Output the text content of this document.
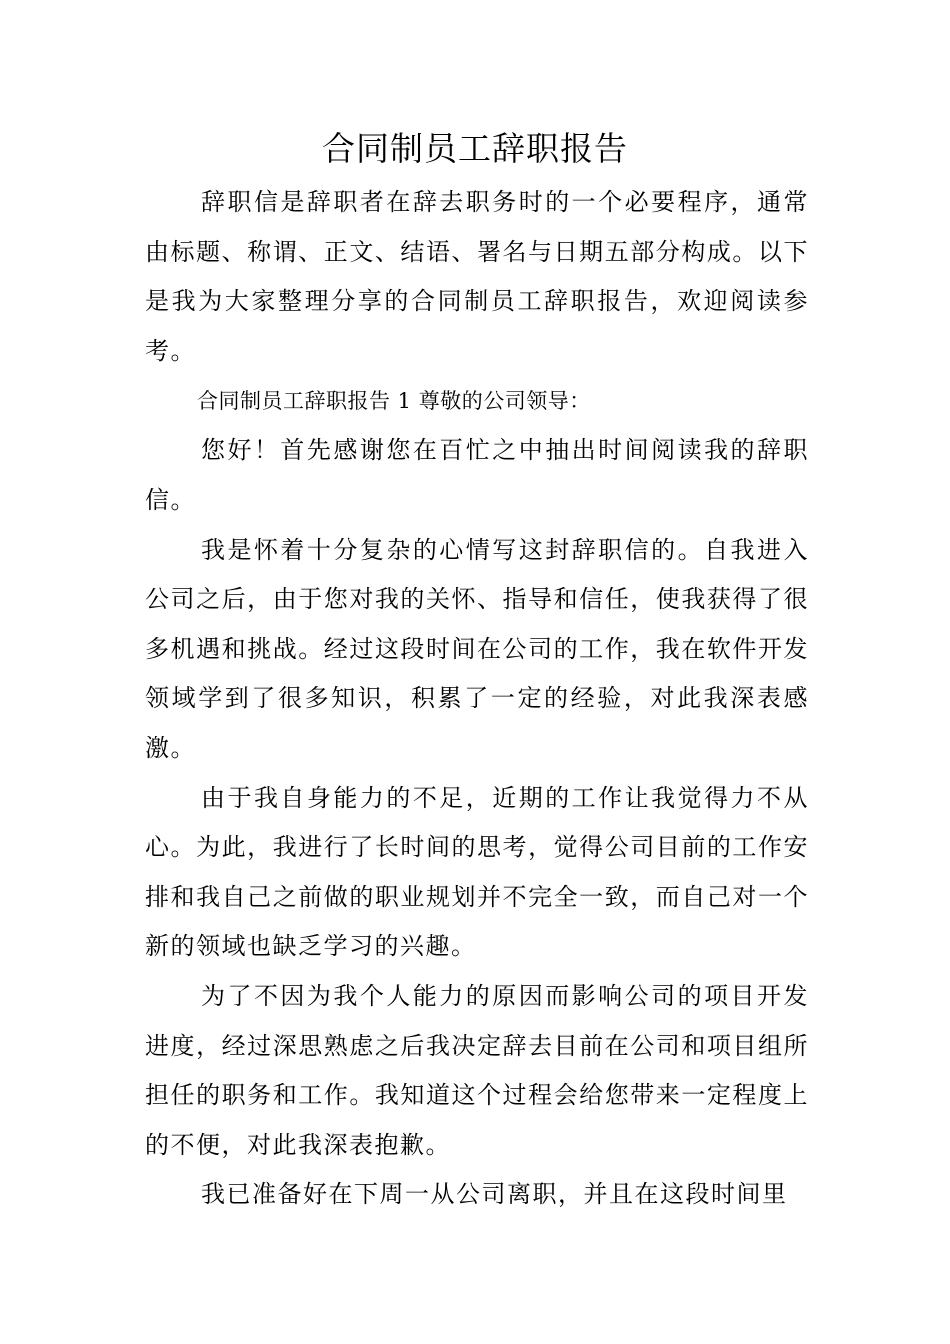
合同制员工辞职报告

辞职信是辞职者在辞去职务时的一个必要程序，通常由标题、称谓、正文、结语、署名与日期五部分构成。以下是我为大家整理分享的合同制员工辞职报告，欢迎阅读参考。

合同制员工辞职报告 1 尊敬的公司领导：

您好！首先感谢您在百忙之中抽出时间阅读我的辞职信。

我是怀着十分复杂的心情写这封辞职信的。自我进入公司之后，由于您对我的关怀、指导和信任，使我获得了很多机遇和挑战。经过这段时间在公司的工作，我在软件开发领域学到了很多知识，积累了一定的经验，对此我深表感激。

由于我自身能力的不足，近期的工作让我觉得力不从心。为此，我进行了长时间的思考，觉得公司目前的工作安排和我自己之前做的职业规划并不完全一致，而自己对一个新的领域也缺乏学习的兴趣。

为了不因为我个人能力的原因而影响公司的项目开发进度，经过深思熟虑之后我决定辞去目前在公司和项目组所担任的职务和工作。我知道这个过程会给您带来一定程度上的不便，对此我深表抱歉。

我已准备好在下周一从公司离职，并且在这段时间里
